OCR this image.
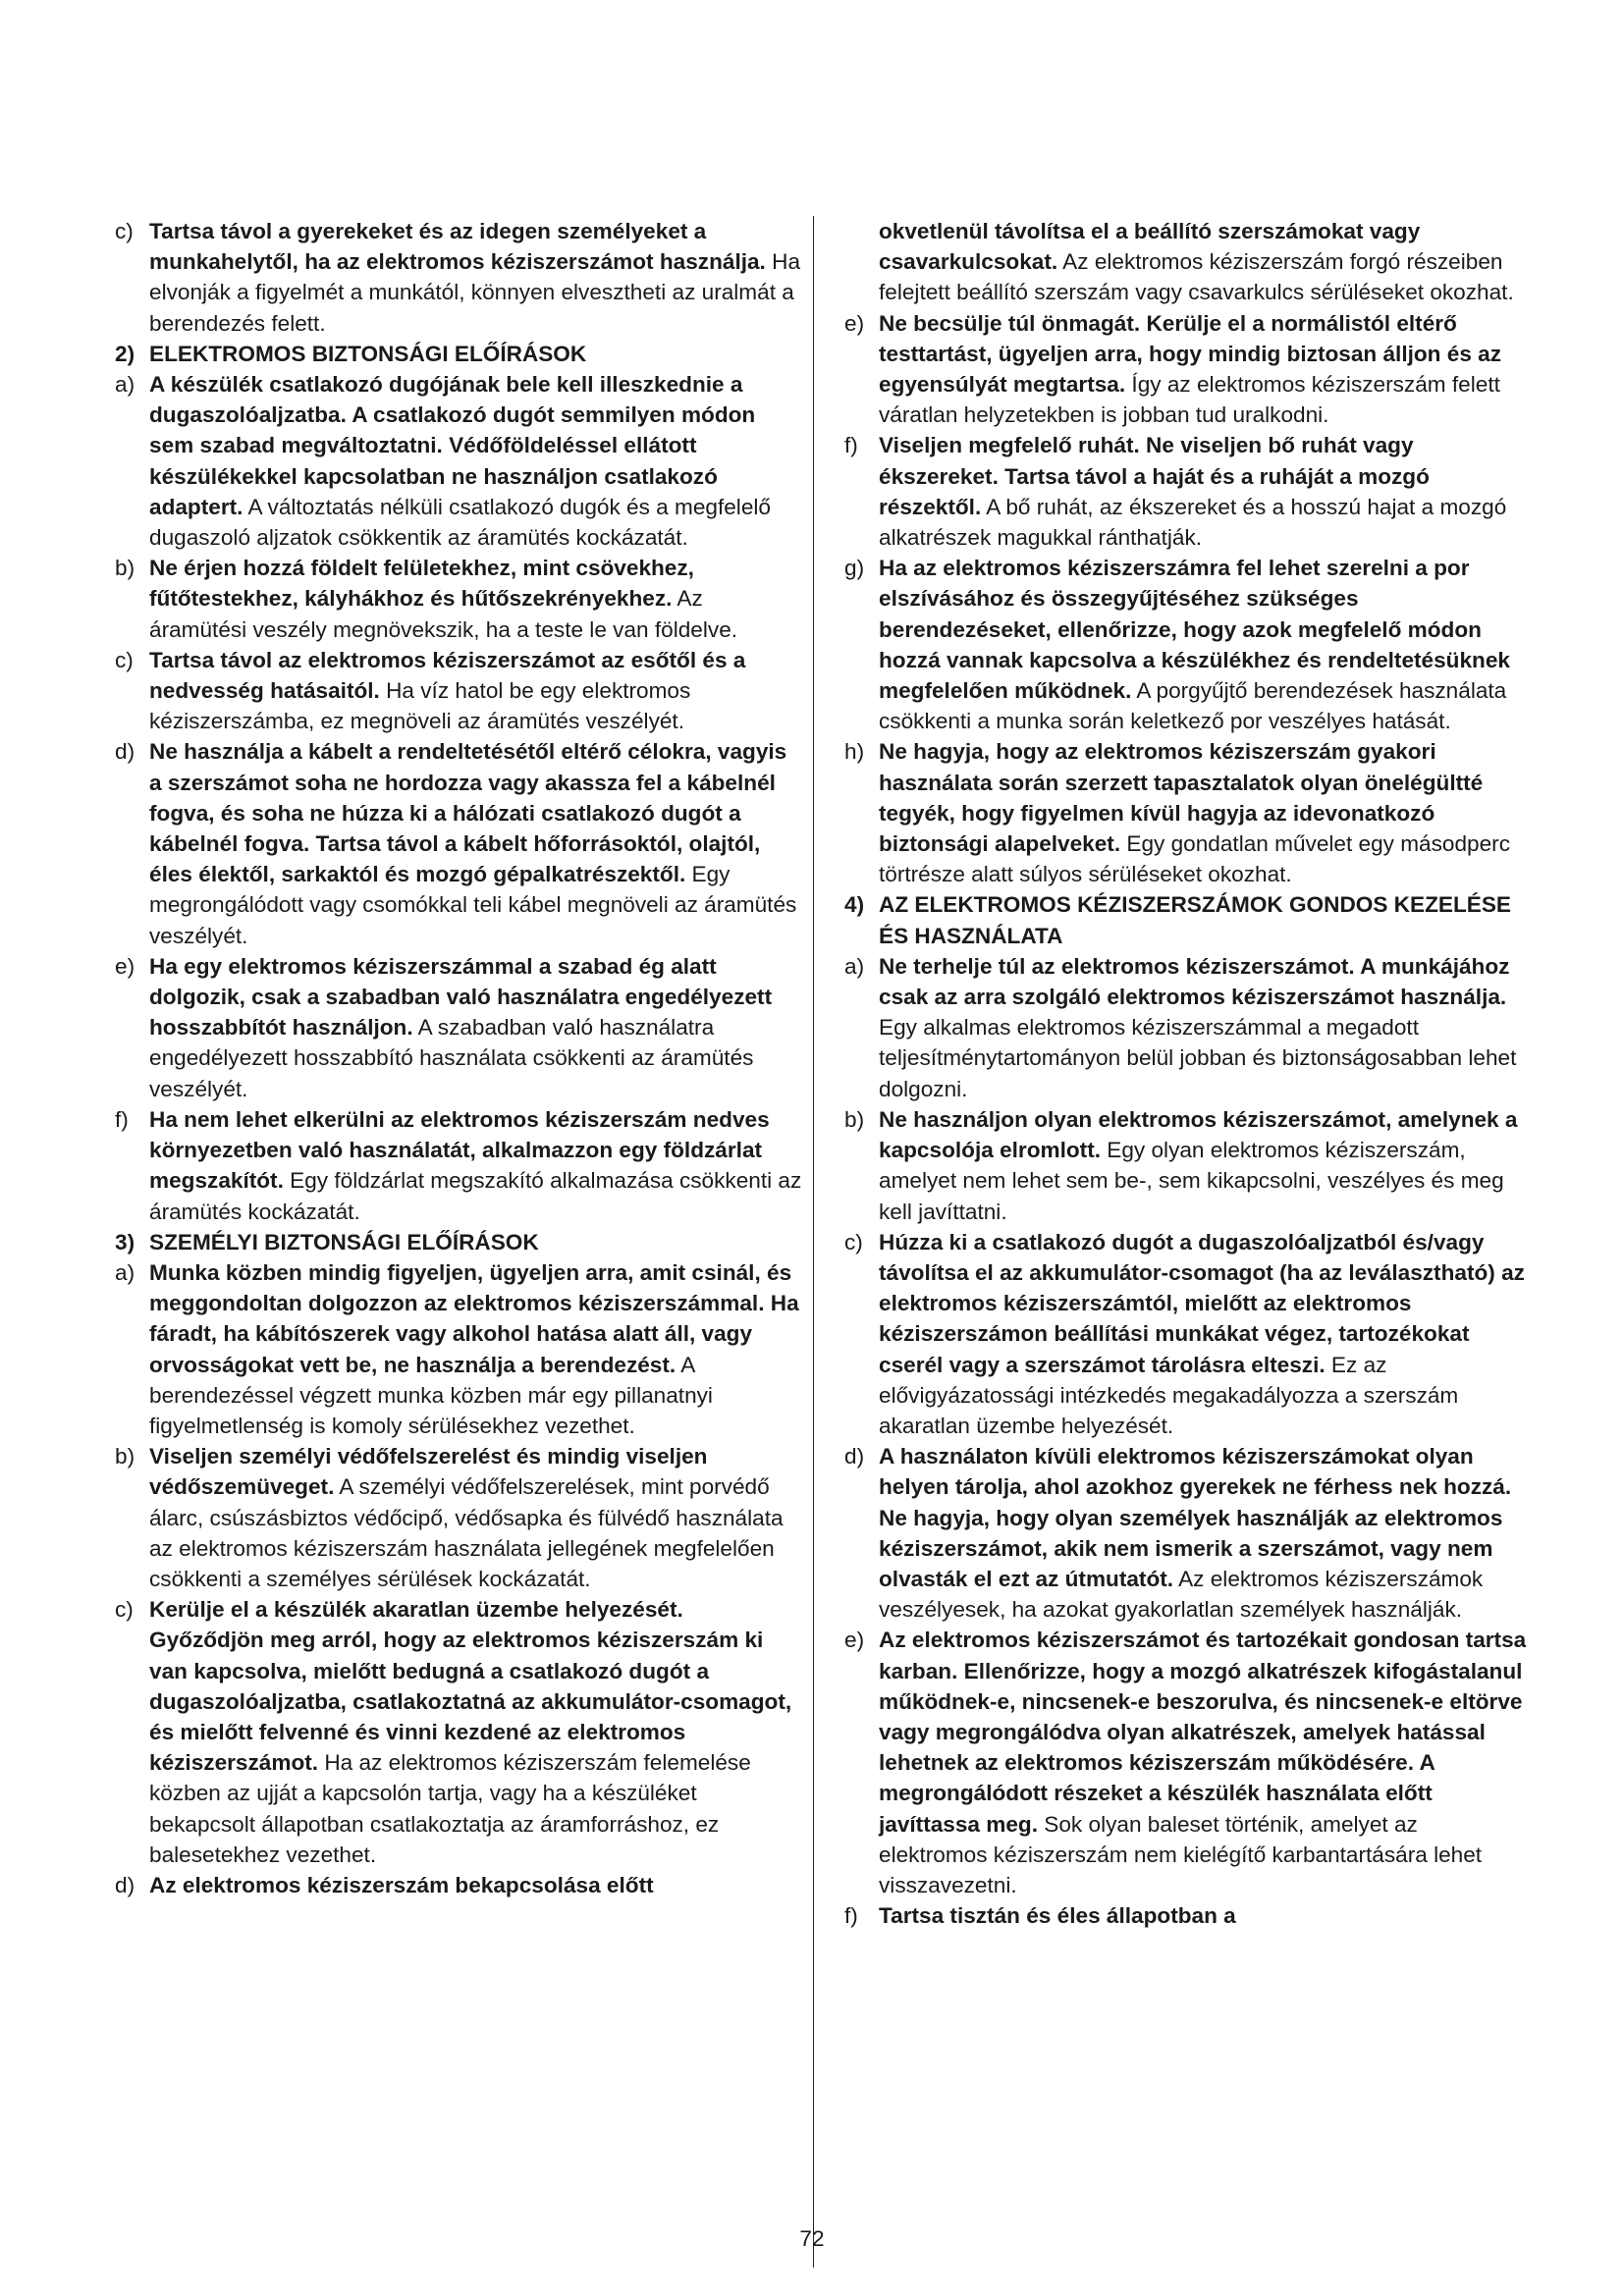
c) Tartsa távol a gyerekeket és az idegen személyeket a munkahelytől, ha az elektromos kéziszerszámot használja. Ha elvonják a figyelmét a munkától, könnyen elvesztheti az uralmát a berendezés felett.
2) ELEKTROMOS BIZTONSÁGI ELŐÍRÁSOK
a) A készülék csatlakozó dugójának bele kell illeszkednie a dugaszolóaljzatba. A csatlakozó dugót semmilyen módon sem szabad megváltoztatni. Védőföldeléssel ellátott készülékekkel kapcsolatban ne használjon csatlakozó adaptert. A változtatás nélküli csatlakozó dugók és a megfelelő dugaszoló aljzatok csökkentik az áramütés kockázatát.
b) Ne érjen hozzá földelt felületekhez, mint csövekhez, fűtőtestekhez, kályhákhoz és hűtőszekrényekhez. Az áramütési veszély megnövekszik, ha a teste le van földelve.
c) Tartsa távol az elektromos kéziszerszámot az esőtől és a nedvesség hatásaitól. Ha víz hatol be egy elektromos kéziszerszámba, ez megnöveli az áramütés veszélyét.
d) Ne használja a kábelt a rendeltetésétől eltérő célokra, vagyis a szerszámot soha ne hordozza vagy akassza fel a kábelnél fogva, és soha ne húzza ki a hálózati csatlakozó dugót a kábelnél fogva. Tartsa távol a kábelt hőforrásoktól, olajtól, éles élektől, sarkaktól és mozgó gépalkatrészektől. Egy megrongálódott vagy csomókkal teli kábel megnöveli az áramütés veszélyét.
e) Ha egy elektromos kéziszerszámmal a szabad ég alatt dolgozik, csak a szabadban való használatra engedélyezett hosszabbítót használjon. A szabadban való használatra engedélyezett hosszabbító használata csökkenti az áramütés veszélyét.
f) Ha nem lehet elkerülni az elektromos kéziszerszám nedves környezetben való használatát, alkalmazzon egy földzárlat megszakítót. Egy földzárlat megszakító alkalmazása csökkenti az áramütés kockázatát.
3) SZEMÉLYI BIZTONSÁGI ELŐÍRÁSOK
a) Munka közben mindig figyeljen, ügyeljen arra, amit csinál, és meggondoltan dolgozzon az elektromos kéziszerszámmal. Ha fáradt, ha kábítószerek vagy alkohol hatása alatt áll, vagy orvosságokat vett be, ne használja a berendezést. A berendezéssel végzett munka közben már egy pillanatnyi figyelmetlenség is komoly sérülésekhez vezethet.
b) Viseljen személyi védőfelszerelést és mindig viseljen védőszemüveget. A személyi védőfelszerelések, mint porvédő álarc, csúszásbiztos védőcipő, védősapka és fülvédő használata az elektromos kéziszerszám használata jellegének megfelelően csökkenti a személyes sérülések kockázatát.
c) Kerülje el a készülék akaratlan üzembe helyezését. Győződjön meg arról, hogy az elektromos kéziszerszám ki van kapcsolva, mielőtt bedugná a csatlakozó dugót a dugaszolóaljzatba, csatlakoztatná az akkumulátor-csomagot, és mielőtt felvenné és vinni kezdené az elektromos kéziszerszámot. Ha az elektromos kéziszerszám felemelése közben az ujját a kapcsolón tartja, vagy ha a készüléket bekapcsolt állapotban csatlakoztatja az áramforráshoz, ez balesetekhez vezethet.
d) Az elektromos kéziszerszám bekapcsolása előtt
okvetlenül távolítsa el a beállító szerszámokat vagy csavarkulcsokat. Az elektromos kéziszerszám forgó részeiben felejtett beállító szerszám vagy csavarkulcs sérüléseket okozhat.
e) Ne becsülje túl önmagát. Kerülje el a normálistól eltérő testtartást, ügyeljen arra, hogy mindig biztosan álljon és az egyensúlyát megtartsa. Így az elektromos kéziszerszám felett váratlan helyzetekben is jobban tud uralkodni.
f) Viseljen megfelelő ruhát. Ne viseljen bő ruhát vagy ékszereket. Tartsa távol a haját és a ruháját a mozgó részektől. A bő ruhát, az ékszereket és a hosszú hajat a mozgó alkatrészek magukkal ránthatják.
g) Ha az elektromos kéziszerszámra fel lehet szerelni a por elszívásához és összegyűjtéséhez szükséges berendezéseket, ellenőrizze, hogy azok megfelelő módon hozzá vannak kapcsolva a készülékhez és rendeltetésüknek megfelelően működnek. A porgyűjtő berendezések használata csökkenti a munka során keletkező por veszélyes hatását.
h) Ne hagyja, hogy az elektromos kéziszerszám gyakori használata során szerzett tapasztalatok olyan önelégültté tegyék, hogy figyelmen kívül hagyja az idevonatkozó biztonsági alapelveket. Egy gondatlan művelet egy másodperc törtrésze alatt súlyos sérüléseket okozhat.
4) AZ ELEKTROMOS KÉZISZERSZÁMOK GONDOS KEZELÉSE ÉS HASZNÁLATA
a) Ne terhelje túl az elektromos kéziszerszámot. A munkájához csak az arra szolgáló elektromos kéziszerszámot használja. Egy alkalmas elektromos kéziszerszámmal a megadott teljesítménytartományon belül jobban és biztonságosabban lehet dolgozni.
b) Ne használjon olyan elektromos kéziszerszámot, amelynek a kapcsolója elromlott. Egy olyan elektromos kéziszerszám, amelyet nem lehet sem be-, sem kikapcsolni, veszélyes és meg kell javíttatni.
c) Húzza ki a csatlakozó dugót a dugaszolóaljzatból és/vagy távolítsa el az akkumulátor-csomagot (ha az leválasztható) az elektromos kéziszerszámtól, mielőtt az elektromos kéziszerszámon beállítási munkákat végez, tartozékokat cserél vagy a szerszámot tárolásra elteszi. Ez az elővigyázatossági intézkedés megakadályozza a szerszám akaratlan üzembe helyezését.
d) A használaton kívüli elektromos kéziszerszámokat olyan helyen tárolja, ahol azokhoz gyerekek ne férhess nek hozzá. Ne hagyja, hogy olyan személyek használják az elektromos kéziszerszámot, akik nem ismerik a szerszámot, vagy nem olvasták el ezt az útmutatót. Az elektromos kéziszerszámok veszélyesek, ha azokat gyakorlatlan személyek használják.
e) Az elektromos kéziszerszámot és tartozékait gondosan tartsa karban. Ellenőrizze, hogy a mozgó alkatrészek kifogástalanul működnek-e, nincsenek-e beszorulva, és nincsenek-e eltörve vagy megrongálódva olyan alkatrészek, amelyek hatással lehetnek az elektromos kéziszerszám működésére. A megrongálódott részeket a készülék használata előtt javíttassa meg. Sok olyan baleset történik, amelyet az elektromos kéziszerszám nem kielégítő karbantartására lehet visszavezetni.
f) Tartsa tisztán és éles állapotban a
72
